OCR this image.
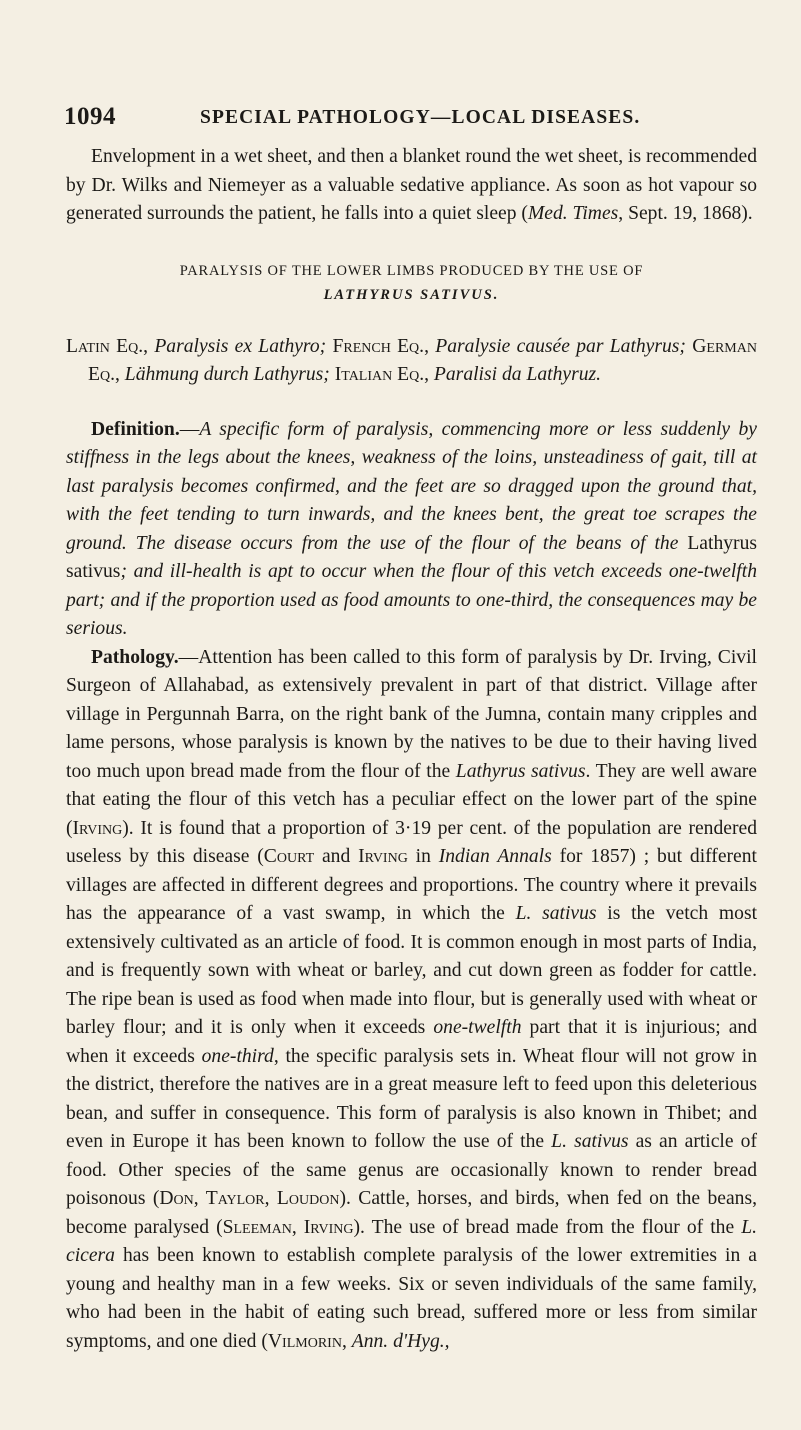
1094	SPECIAL PATHOLOGY—LOCAL DISEASES.

Envelopment in a wet sheet, and then a blanket round the wet sheet, is recommended by Dr. Wilks and Niemeyer as a valuable sedative appliance. As soon as hot vapour so generated surrounds the patient, he falls into a quiet sleep (Med. Times, Sept. 19, 1868).

PARALYSIS OF THE LOWER LIMBS PRODUCED BY THE USE OF
LATHYRUS SATIVUS.

Latin Eq., Paralysis ex Lathyro; French Eq., Paralysie causée par Lathyrus; German Eq., Lähmung durch Lathyrus; Italian Eq., Paralisi da Lathyruz.

Definition.—A specific form of paralysis, commencing more or less suddenly by stiffness in the legs about the knees, weakness of the loins, unsteadiness of gait, till at last paralysis becomes confirmed, and the feet are so dragged upon the ground that, with the feet tending to turn inwards, and the knees bent, the great toe scrapes the ground. The disease occurs from the use of the flour of the beans of the Lathyrus sativus; and ill-health is apt to occur when the flour of this vetch exceeds one-twelfth part; and if the proportion used as food amounts to one-third, the consequences may be serious.

Pathology.—Attention has been called to this form of paralysis by Dr. Irving, Civil Surgeon of Allahabad, as extensively prevalent in part of that district. Village after village in Pergunnah Barra, on the right bank of the Jumna, contain many cripples and lame persons, whose paralysis is known by the natives to be due to their having lived too much upon bread made from the flour of the Lathyrus sativus. They are well aware that eating the flour of this vetch has a peculiar effect on the lower part of the spine (Irving). It is found that a proportion of 3·19 per cent. of the population are rendered useless by this disease (Court and Irving in Indian Annals for 1857) ; but different villages are affected in different degrees and proportions. The country where it prevails has the appearance of a vast swamp, in which the L. sativus is the vetch most extensively cultivated as an article of food. It is common enough in most parts of India, and is frequently sown with wheat or barley, and cut down green as fodder for cattle. The ripe bean is used as food when made into flour, but is generally used with wheat or barley flour; and it is only when it exceeds one-twelfth part that it is injurious; and when it exceeds one-third, the specific paralysis sets in. Wheat flour will not grow in the district, therefore the natives are in a great measure left to feed upon this deleterious bean, and suffer in consequence. This form of paralysis is also known in Thibet; and even in Europe it has been known to follow the use of the L. sativus as an article of food. Other species of the same genus are occasionally known to render bread poisonous (Don, Taylor, Loudon). Cattle, horses, and birds, when fed on the beans, become paralysed (Sleeman, Irving). The use of bread made from the flour of the L. cicera has been known to establish complete paralysis of the lower extremities in a young and healthy man in a few weeks. Six or seven individuals of the same family, who had been in the habit of eating such bread, suffered more or less from similar symptoms, and one died (Vilmorin, Ann. d'Hyg.,
